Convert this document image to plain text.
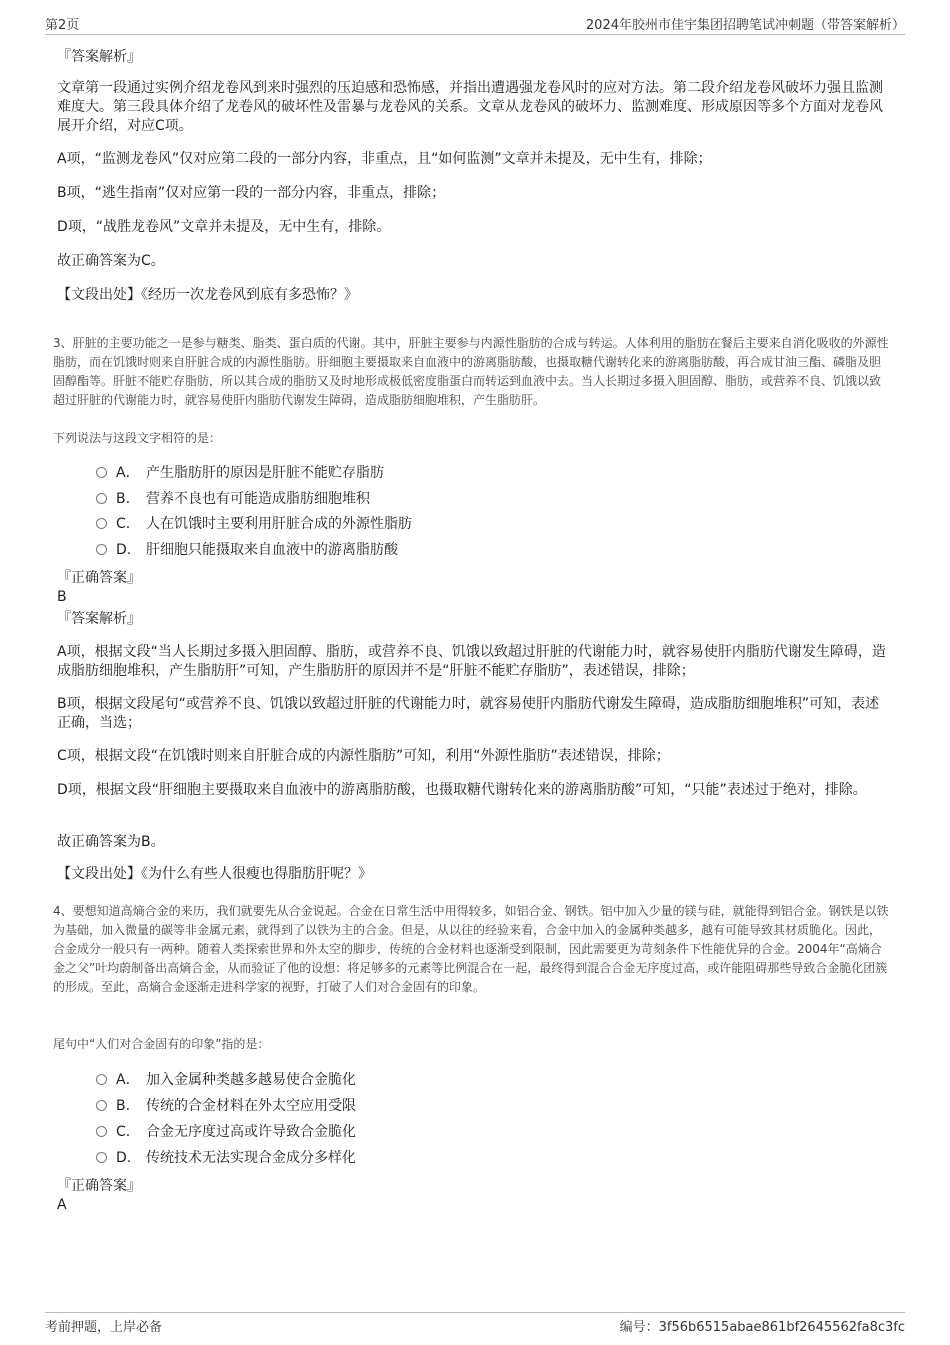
第2页	2024年胶州市佳宇集团招聘笔试冲刺题（带答案解析）
『答案解析』
文章第一段通过实例介绍龙卷风到来时强烈的压迫感和恐怖感，并指出遭遇强龙卷风时的应对方法。第二段介绍龙卷风破坏力强且监测难度大。第三段具体介绍了龙卷风的破坏性及雷暴与龙卷风的关系。文章从龙卷风的破坏力、监测难度、形成原因等多个方面对龙卷风展开介绍，对应C项。
A项，“监测龙卷风”仅对应第二段的一部分内容，非重点，且“如何监测”文章并未提及，无中生有，排除；
B项，“逃生指南”仅对应第一段的一部分内容，非重点，排除；
D项，“战胜龙卷风”文章并未提及，无中生有，排除。
故正确答案为C。
【文段出处】《经历一次龙卷风到底有多恐怖？》
3、肝脏的主要功能之一是参与糖类、脂类、蛋白质的代谢。其中，肝脏主要参与内源性脂肪的合成与转运。人体利用的脂肪在餐后主要来自消化吸收的外源性脂肪，而在饥饿时则来自肝脏合成的内源性脂肪。肝细胞主要摄取来自血液中的游离脂肪酸，也摄取糖代谢转化来的游离脂肪酸，再合成甘油三酯、磷脂及胆固醇酯等。肝脏不能贮存脂肪，所以其合成的脂肪又及时地形成极低密度脂蛋白而转运到血液中去。当人长期过多摄入胆固醇、脂肪，或营养不良、饥饿以致超过肝脏的代谢能力时，就容易使肝内脂肪代谢发生障碍，造成脂肪细胞堆积，产生脂肪肝。
下列说法与这段文字相符的是：
A． 产生脂肪肝的原因是肝脏不能贮存脂肪
B. 营养不良也有可能造成脂肪细胞堆积
C. 人在饥饿时主要利用肝脏合成的外源性脂肪
D. 肝细胞只能摄取来自血液中的游离脂肪酸
『正确答案』
B
『答案解析』
A项，根据文段“当人长期过多摄入胆固醇、脂肪，或营养不良、饥饿以致超过肝脏的代谢能力时，就容易使肝内脂肪代谢发生障碍，造成脂肪细胞堆积，产生脂肪肝”可知，产生脂肪肝的原因并不是“肝脏不能贮存脂肪”，表述错误，排除；
B项，根据文段尾句“或营养不良、饥饿以致超过肝脏的代谢能力时，就容易使肝内脂肪代谢发生障碍，造成脂肪细胞堆积”可知，表述正确，当选；
C项，根据文段“在饥饿时则来自肝脏合成的内源性脂肪”可知，利用“外源性脂肪”表述错误，排除；
D项，根据文段“肝细胞主要摄取来自血液中的游离脂肪酸，也摄取糖代谢转化来的游离脂肪酸”可知，“只能”表述过于绝对，排除。
故正确答案为B。
【文段出处】《为什么有些人很瘦也得脂肪肝呢？》
4、要想知道高熵合金的来历，我们就要先从合金说起。合金在日常生活中用得较多，如铝合金、钢铁。铝中加入少量的镁与硅，就能得到铝合金。钢铁是以铁为基础，加入微量的碳等非金属元素，就得到了以铁为主的合金。但是，从以往的经验来看，合金中加入的金属种类越多，越有可能导致其材质脆化。因此，合金成分一般只有一两种。随着人类探索世界和外太空的脚步，传统的合金材料也逐渐受到限制，因此需要更为苛刻条件下性能优异的合金。2004年“高熵合金之父”叶均蔚制备出高熵合金，从而验证了他的设想：将足够多的元素等比例混合在一起，最终得到混合合金无序度过高，或许能阻碍那些导致合金脆化团簇的形成。至此，高熵合金逐渐走进科学家的视野，打破了人们对合金固有的印象。
尾句中“人们对合金固有的印象”指的是：
A． 加入金属种类越多越易使合金脆化
B. 传统的合金材料在外太空应用受限
C. 合金无序度过高或许导致合金脆化
D. 传统技术无法实现合金成分多样化
『正确答案』
A
考前押题，上岸必备	编号：3f56b6515abae861bf2645562fa8c3fc
